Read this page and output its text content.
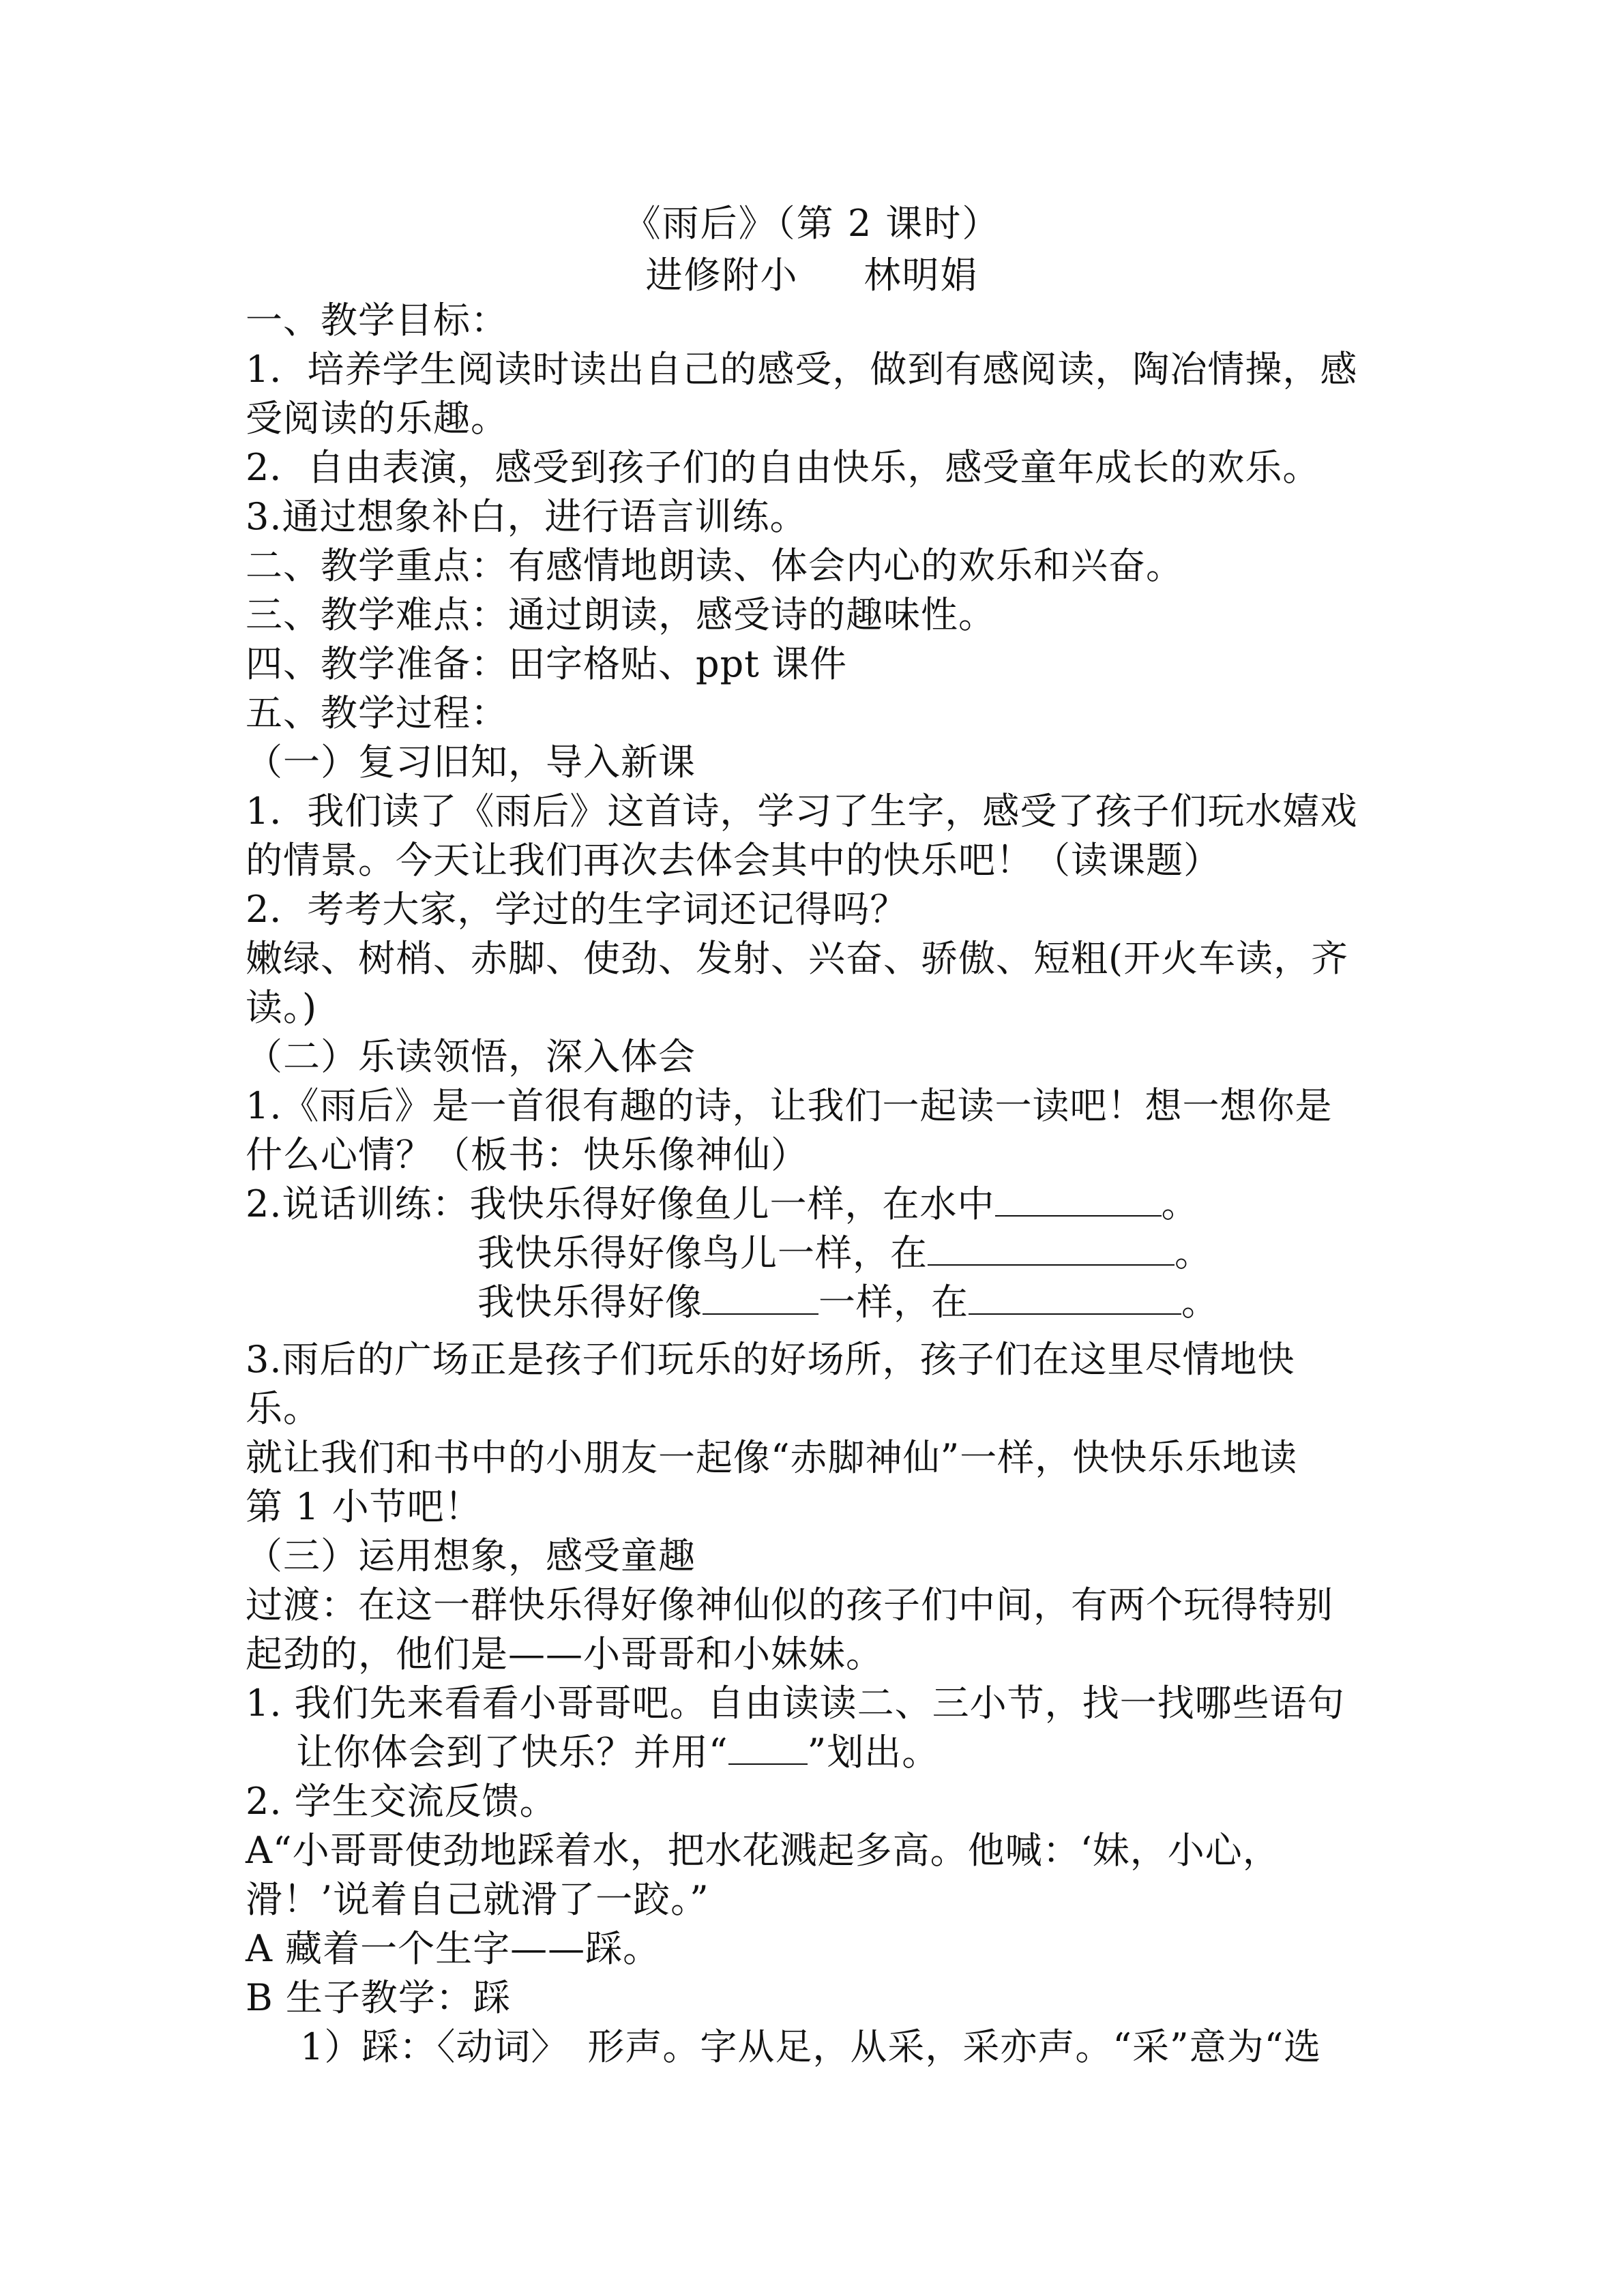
《雨后》（第 2 课时）
进修附小 林明娟
一、教学目标：
1．培养学生阅读时读出自己的感受，做到有感阅读，陶冶情操，感
受阅读的乐趣。
2．自由表演，感受到孩子们的自由快乐，感受童年成长的欢乐。
3.通过想象补白，进行语言训练。
二、教学重点：有感情地朗读、体会内心的欢乐和兴奋。
三、教学难点：通过朗读，感受诗的趣味性。
四、教学准备：田字格贴、ppt 课件
五、教学过程：
（一）复习旧知，导入新课
1．我们读了《雨后》这首诗，学习了生字，感受了孩子们玩水嬉戏
的情景。今天让我们再次去体会其中的快乐吧！（读课题）
2．考考大家，学过的生字词还记得吗？
嫩绿、树梢、赤脚、使劲、发射、兴奋、骄傲、短粗(开火车读，齐
读。)
（二）乐读领悟，深入体会
1.《雨后》是一首很有趣的诗，让我们一起读一读吧！想一想你是
什么心情？（板书：快乐像神仙）
2.说话训练：我快乐得好像鱼儿一样，在水中	。
我快乐得好像鸟儿一样，在	。
我快乐得好像	一样，在	。
3.雨后的广场正是孩子们玩乐的好场所，孩子们在这里尽情地快
乐。
就让我们和书中的小朋友一起像“赤脚神仙”一样，快快乐乐地读
第 1 小节吧！
（三）运用想象，感受童趣
过渡：在这一群快乐得好像神仙似的孩子们中间，有两个玩得特别
起劲的，他们是——小哥哥和小妹妹。
1. 我们先来看看小哥哥吧。自由读读二、三小节，找一找哪些语句
让你体会到了快乐？并用“ ”划出。
2. 学生交流反馈。
A“小哥哥使劲地踩着水，把水花溅起多高。他喊：‘妹，小心，
滑！’说着自己就滑了一跤。”
A 藏着一个生字——踩。
B 生子教学：踩
1）踩：〈动词〉　形声。字从足，从采，采亦声。“采”意为“选
